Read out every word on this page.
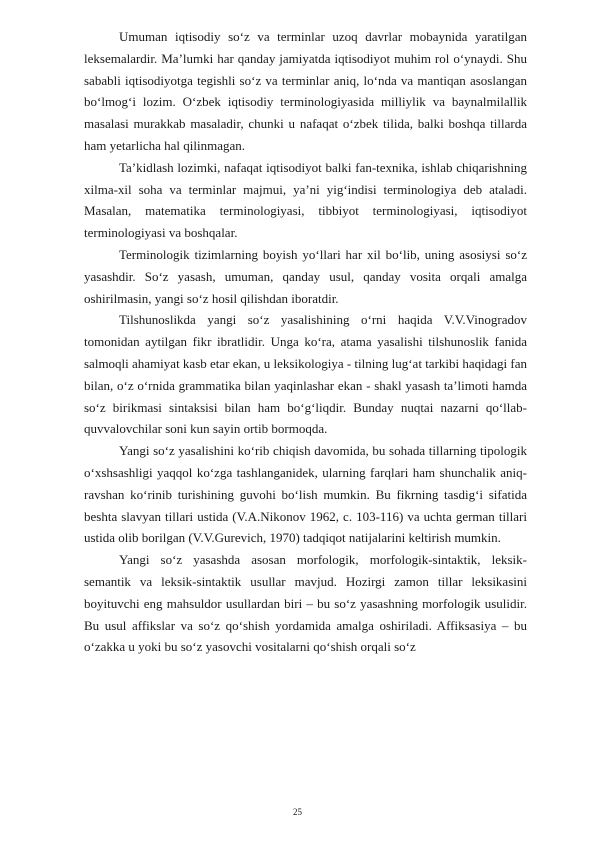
Umuman iqtisodiy so‘z va terminlar uzoq davrlar mobaynida yaratilgan leksemalardir. Ma’lumki har qanday jamiyatda iqtisodiyot muhim rol o‘ynaydi. Shu sababli iqtisodiyotga tegishli so‘z va terminlar aniq, lo‘nda va mantiqan asoslangan bo‘lmog‘i lozim. O‘zbek iqtisodiy terminologiyasida milliylik va baynalmilallik masalasi murakkab masaladir, chunki u nafaqat o‘zbek tilida, balki boshqa tillarda ham yetarlicha hal qilinmagan.

Ta’kidlash lozimki, nafaqat iqtisodiyot balki fan-texnika, ishlab chiqarishning xilma-xil soha va terminlar majmui, ya’ni yig‘indisi terminologiya deb ataladi. Masalan, matematika terminologiyasi, tibbiyot terminologiyasi, iqtisodiyot terminologiyasi va boshqalar.

Terminologik tizimlarning boyish yo‘llari har xil bo‘lib, uning asosiysi so‘z yasashdir. So‘z yasash, umuman, qanday usul, qanday vosita orqali amalga oshirilmasin, yangi so‘z hosil qilishdan iboratdir.

Tilshunoslikda yangi so‘z yasalishining o‘rni haqida V.V.Vinogradov tomonidan aytilgan fikr ibratlidir. Unga ko‘ra, atama yasalishi tilshunoslik fanida salmoqli ahamiyat kasb etar ekan, u leksikologiya - tilning lug‘at tarkibi haqidagi fan bilan, o‘z o‘rnida grammatika bilan yaqinlashar ekan - shakl yasash ta’limoti hamda so‘z birikmasi sintaksisi bilan ham bo‘g‘liqdir. Bunday nuqtai nazarni qo‘llab-quvvalovchilar soni kun sayin ortib bormoqda.

Yangi so‘z yasalishini ko‘rib chiqish davomida, bu sohada tillarning tipologik o‘xshsashligi yaqqol ko‘zga tashlanganidek, ularning farqlari ham shunchalik aniq-ravshan ko‘rinib turishining guvohi bo‘lish mumkin. Bu fikrning tasdig‘i sifatida beshta slavyan tillari ustida (V.A.Nikonov 1962, c. 103-116) va uchta german tillari ustida olib borilgan (V.V.Gurevich, 1970) tadqiqot natijalarini keltirish mumkin.

Yangi so‘z yasashda asosan morfologik, morfologik-sintaktik, leksik-semantik va leksik-sintaktik usullar mavjud. Hozirgi zamon tillar leksikasini boyituvchi eng mahsuldor usullardan biri – bu so‘z yasashning morfologik usulidir. Bu usul affikslar va so‘z qo‘shish yordamida amalga oshiriladi. Affiksasiya – bu o‘zakka u yoki bu so‘z yasovchi vositalarni qo‘shish orqali so‘z

25
